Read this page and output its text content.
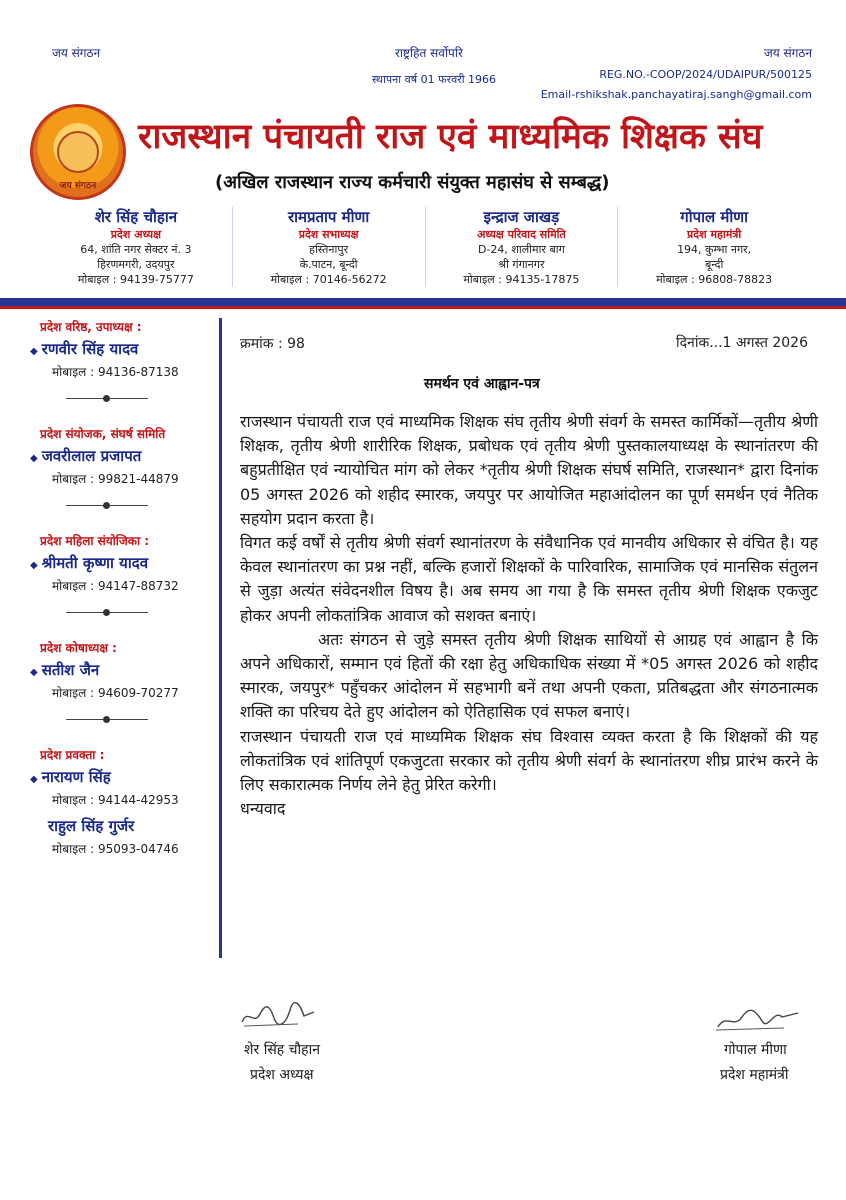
जय संगठन	राष्ट्रहित सर्वोपरि	जय संगठन
स्थापना वर्ष 01 फरवरी 1966	REG.NO.-COOP/2024/UDAIPUR/500125
Email-rshikshak.panchayatiraj.sangh@gmail.com
जय संगठन
राजस्थान पंचायती राज एवं माध्यमिक शिक्षक संघ
(अखिल राजस्थान राज्य कर्मचारी संयुक्त महासंघ से सम्बद्ध)
शेर सिंह चौहान
प्रदेश अध्यक्ष
64, शांति नगर सेक्टर नं. 3
हिरणमगरी, उदयपुर
मोबाइल : 94139-75777
रामप्रताप मीणा
प्रदेश सभाध्यक्ष
हस्तिनापुर
के.पाटन, बून्दी
मोबाइल : 70146-56272
इन्द्राज जाखड़
अध्यक्ष परिवाद समिति
D-24, शालीमार बाग
श्री गंगानगर
मोबाइल : 94135-17875
गोपाल मीणा
प्रदेश महामंत्री
194, कुम्भा नगर,
बून्दी
मोबाइल : 96808-78823
प्रदेश वरिष्ठ, उपाध्यक्ष :
◆ रणवीर सिंह यादव
मोबाइल : 94136-87138
प्रदेश संयोजक, संघर्ष समिति
◆ जवरीलाल प्रजापत
मोबाइल : 99821-44879
प्रदेश महिला संयोजिका :
◆ श्रीमती कृष्णा यादव
मोबाइल : 94147-88732
प्रदेश कोषाध्यक्ष :
◆ सतीश जैन
मोबाइल : 94609-70277
प्रदेश प्रवक्ता :
◆ नारायण सिंह
मोबाइल : 94144-42953
राहुल सिंह गुर्जर
मोबाइल : 95093-04746
क्रमांक : 98	दिनांक...1 अगस्त 2026
समर्थन एवं आह्वान-पत्र

राजस्थान पंचायती राज एवं माध्यमिक शिक्षक संघ तृतीय श्रेणी संवर्ग के समस्त कार्मिकों—तृतीय श्रेणी शिक्षक, तृतीय श्रेणी शारीरिक शिक्षक, प्रबोधक एवं तृतीय श्रेणी पुस्तकालयाध्यक्ष के स्थानांतरण की बहुप्रतीक्षित एवं न्यायोचित मांग को लेकर *तृतीय श्रेणी शिक्षक संघर्ष समिति, राजस्थान* द्वारा दिनांक 05 अगस्त 2026 को शहीद स्मारक, जयपुर पर आयोजित महाआंदोलन का पूर्ण समर्थन एवं नैतिक सहयोग प्रदान करता है।

विगत कई वर्षों से तृतीय श्रेणी संवर्ग स्थानांतरण के संवैधानिक एवं मानवीय अधिकार से वंचित है। यह केवल स्थानांतरण का प्रश्न नहीं, बल्कि हजारों शिक्षकों के पारिवारिक, सामाजिक एवं मानसिक संतुलन से जुड़ा अत्यंत संवेदनशील विषय है। अब समय आ गया है कि समस्त तृतीय श्रेणी शिक्षक एकजुट होकर अपनी लोकतांत्रिक आवाज को सशक्त बनाएं।

अतः संगठन से जुड़े समस्त तृतीय श्रेणी शिक्षक साथियों से आग्रह एवं आह्वान है कि अपने अधिकारों, सम्मान एवं हितों की रक्षा हेतु अधिकाधिक संख्या में *05 अगस्त 2026 को शहीद स्मारक, जयपुर* पहुँचकर आंदोलन में सहभागी बनें तथा अपनी एकता, प्रतिबद्धता और संगठनात्मक शक्ति का परिचय देते हुए आंदोलन को ऐतिहासिक एवं सफल बनाएं।

राजस्थान पंचायती राज एवं माध्यमिक शिक्षक संघ विश्वास व्यक्त करता है कि शिक्षकों की यह लोकतांत्रिक एवं शांतिपूर्ण एकजुटता सरकार को तृतीय श्रेणी संवर्ग के स्थानांतरण शीघ्र प्रारंभ करने के लिए सकारात्मक निर्णय लेने हेतु प्रेरित करेगी।

धन्यवाद

शेर सिंह चौहान
प्रदेश अध्यक्ष
गोपाल मीणा
प्रदेश महामंत्री
